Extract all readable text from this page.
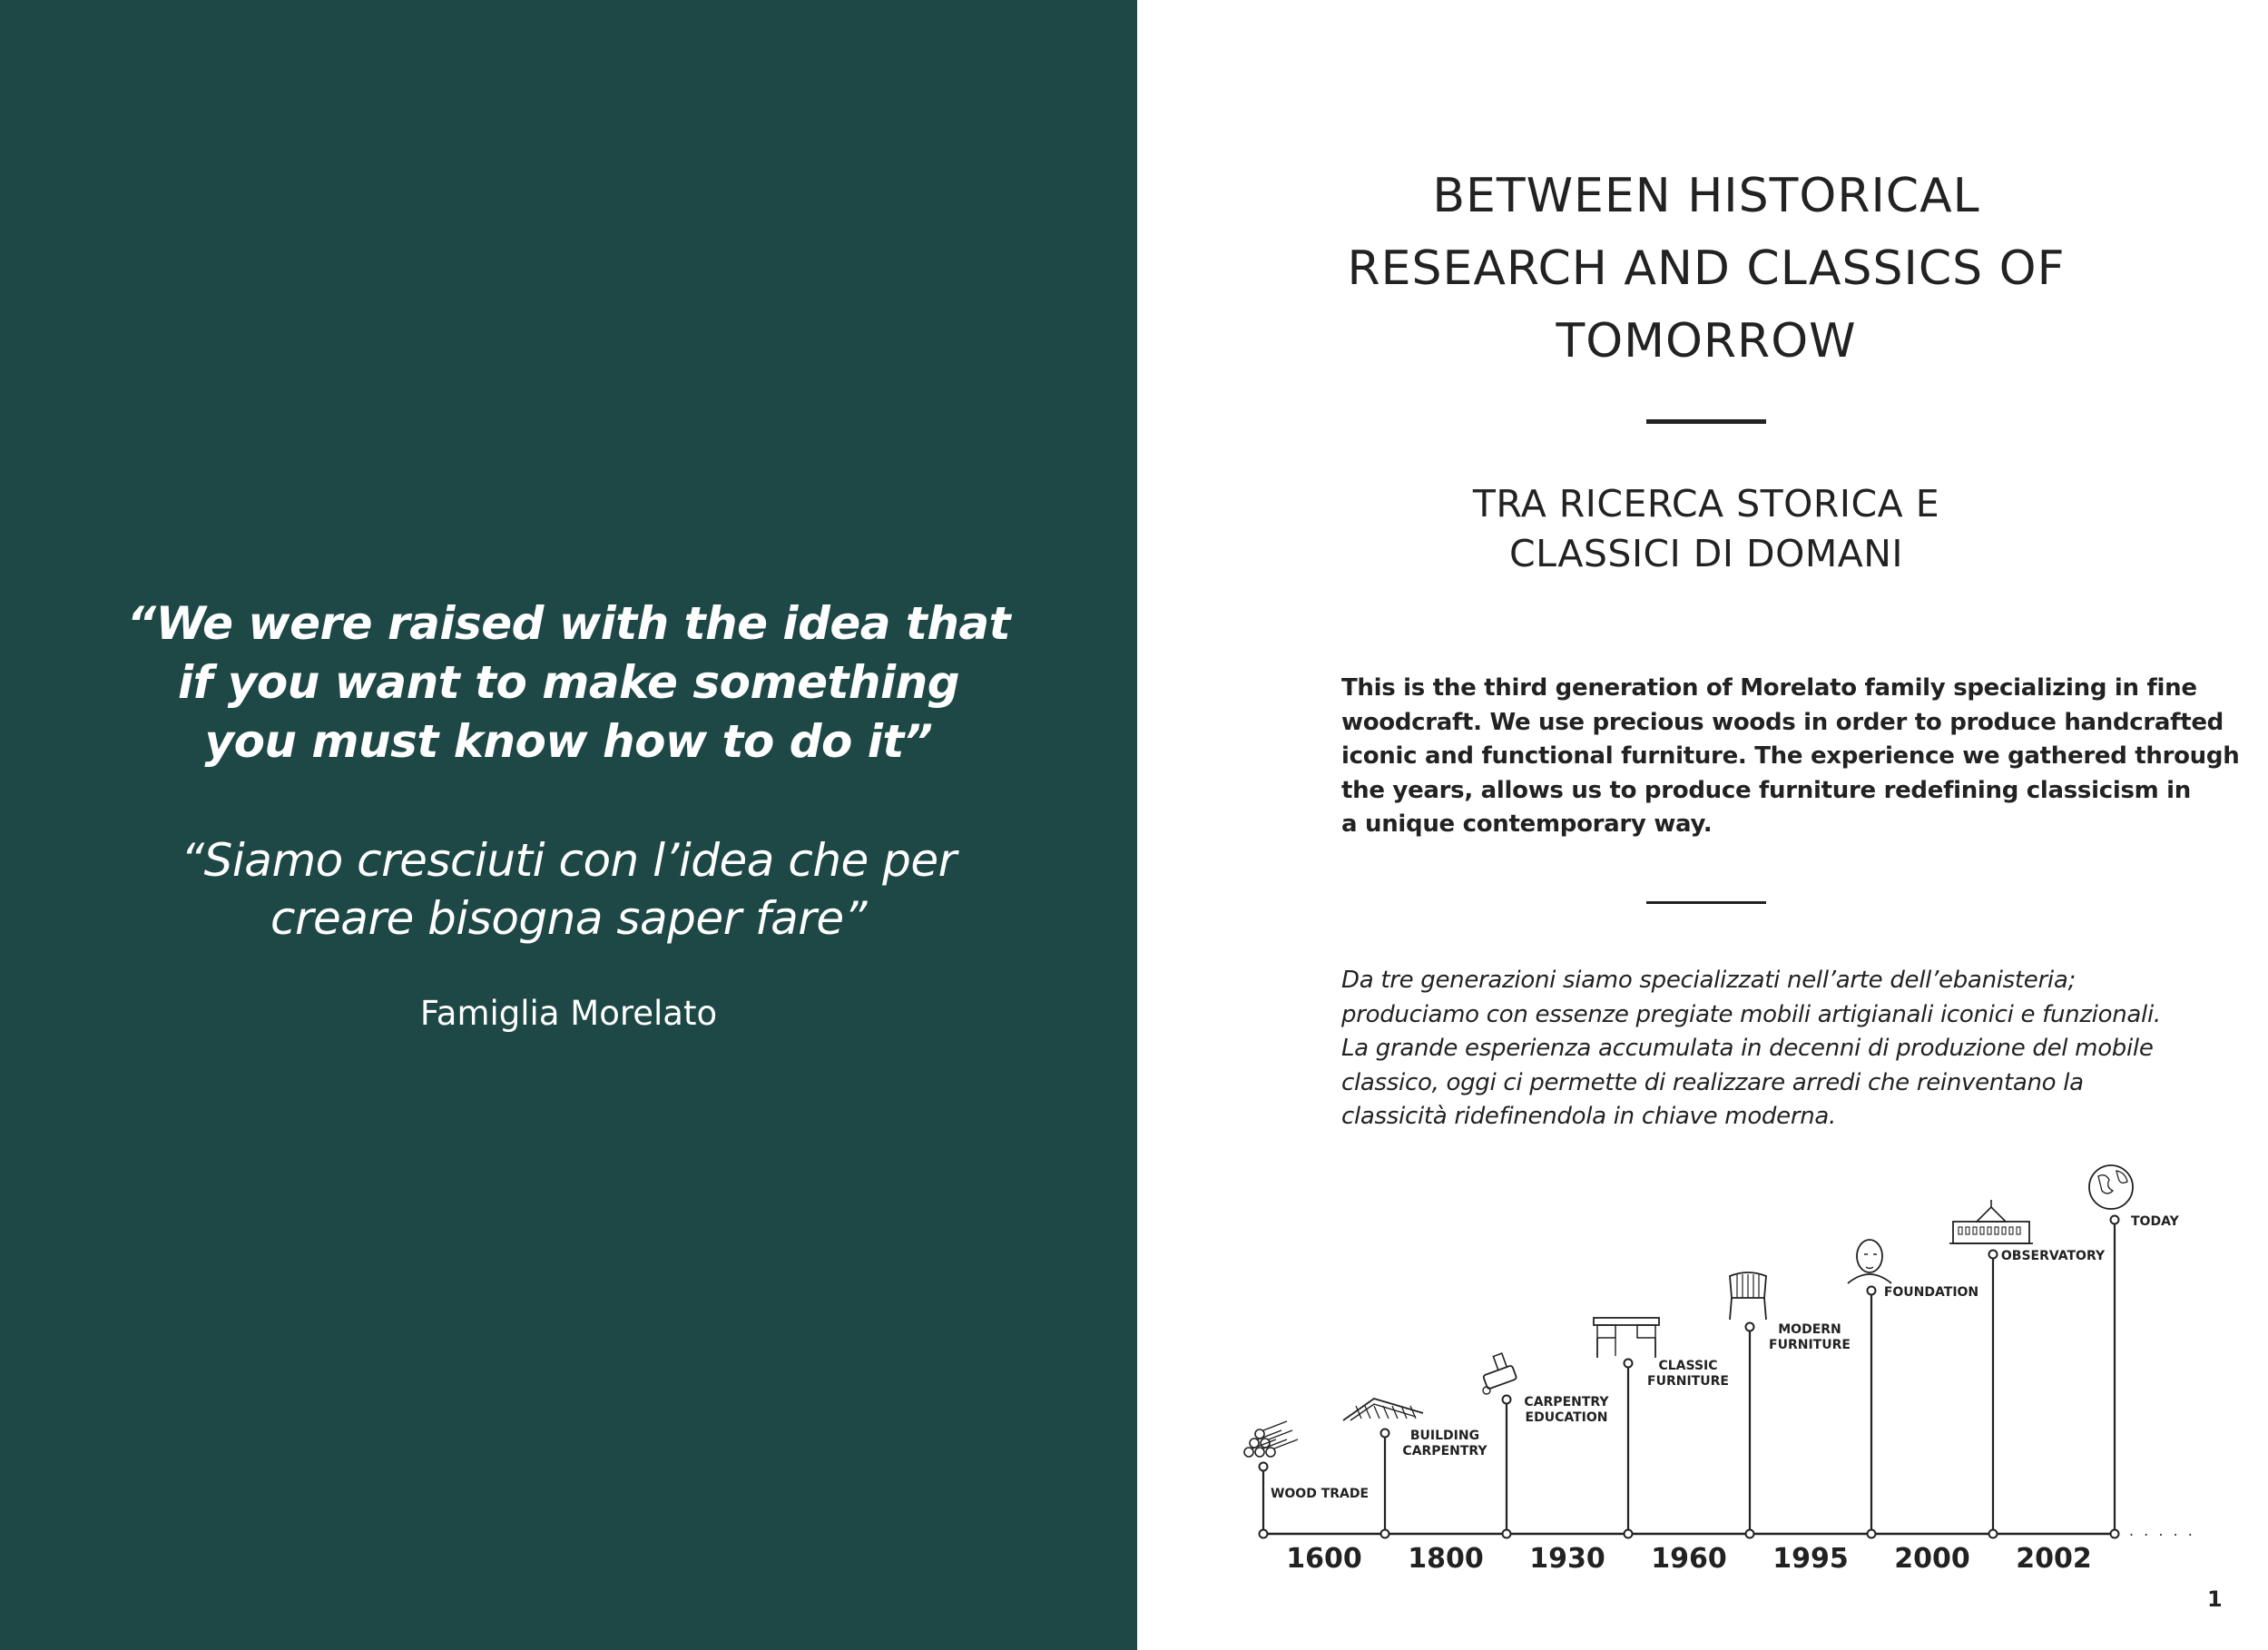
“We were raised with the idea that
if you want to make something
you must know how to do it”
“Siamo cresciuti con l’idea che per
creare bisogna saper fare”
Famiglia Morelato
BETWEEN HISTORICAL
RESEARCH AND CLASSICS OF
TOMORROW
TRA RICERCA STORICA E
CLASSICI DI DOMANI
This is the third generation of Morelato family specializing in fine
woodcraft. We use precious woods in order to produce handcrafted
iconic and functional furniture. The experience we gathered through
the years, allows us to produce furniture redefining classicism in
a unique contemporary way.
Da tre generazioni siamo specializzati nell’arte dell’ebanisteria;
produciamo con essenze pregiate mobili artigianali iconici e funzionali.
La grande esperienza accumulata in decenni di produzione del mobile
classico, oggi ci permette di realizzare arredi che reinventano la
classicità ridefinendola in chiave moderna.
. . . . .
1600
WOOD TRADE
1800
BUILDING
CARPENTRY
1930
CARPENTRY
EDUCATION
1960
CLASSIC
FURNITURE
1995
MODERN
FURNITURE
2000
FOUNDATION
2002
OBSERVATORY
TODAY
1
